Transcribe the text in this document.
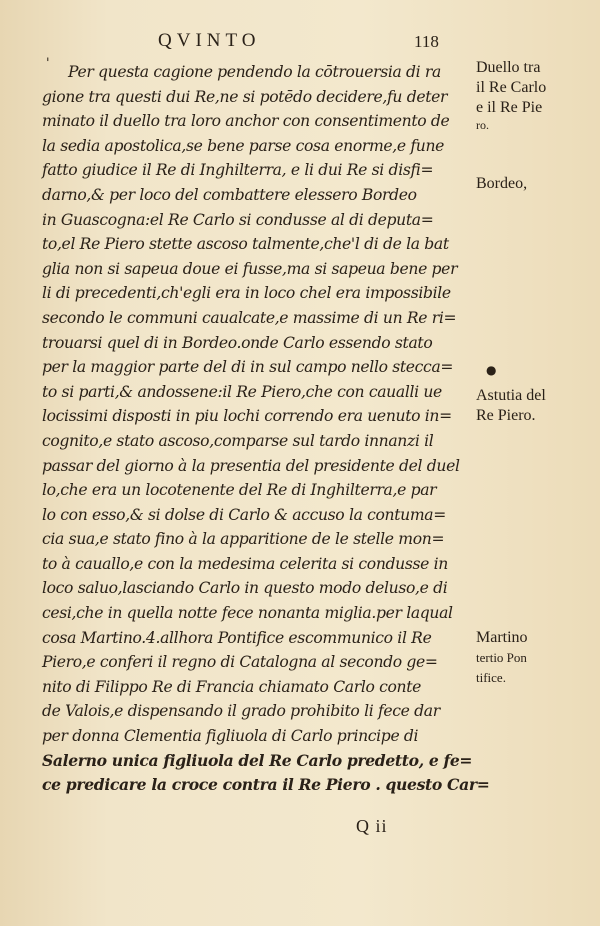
QVINTO	118
'	Per questa cagione pendendo la cōtrouersia di ra
gione tra questi dui Re,ne si potēdo decidere,fu deter
minato il duello tra loro anchor con consentimento de
la sedia apostolica,se bene parse cosa enorme,e fune
fatto giudice il Re di Inghilterra, e li dui Re si disfi=
darno,& per loco del combattere elessero Bordeo
in Guascogna:el Re Carlo si condusse al di deputa=
to,el Re Piero stette ascoso talmente,che'l di de la bat
glia non si sapeua doue ei fusse,ma si sapeua bene per
li di precedenti,ch'egli era in loco chel era impossibile
secondo le communi caualcate,e massime di un Re ri=
trouarsi quel di in Bordeo.onde Carlo essendo stato
per la maggior parte del di in sul campo nello stecca=
to si parti,& andossene:il Re Piero,che con caualli ue
locissimi disposti in piu lochi correndo era uenuto in=
cognito,e stato ascoso,comparse sul tardo innanzi il
passar del giorno à la presentia del presidente del duel
lo,che era un locotenente del Re di Inghilterra,e par
lo con esso,& si dolse di Carlo & accuso la contuma=
cia sua,e stato fino à la apparitione de le stelle mon=
to à cauallo,e con la medesima celerita si condusse in
loco saluo,lasciando Carlo in questo modo deluso,e di
cesi,che in quella notte fece nonanta miglia.per laqual
cosa Martino.4.allhora Pontifice escommunico il Re
Piero,e conferi il regno di Catalogna al secondo ge=
nito di Filippo Re di Francia chiamato Carlo conte
de Valois,e dispensando il grado prohibito li fece dar
per donna Clementia figliuola di Carlo principe di
Salerno unica figliuola del Re Carlo predetto, e fe=
ce predicare la croce contra il Re Piero . questo Car=
Duello tra
il Re Carlo
e il Re Pie
ro.
Bordeo,
●
Astutia del
Re Piero.
Martino
tertio Pon
tifice.
Q ii
